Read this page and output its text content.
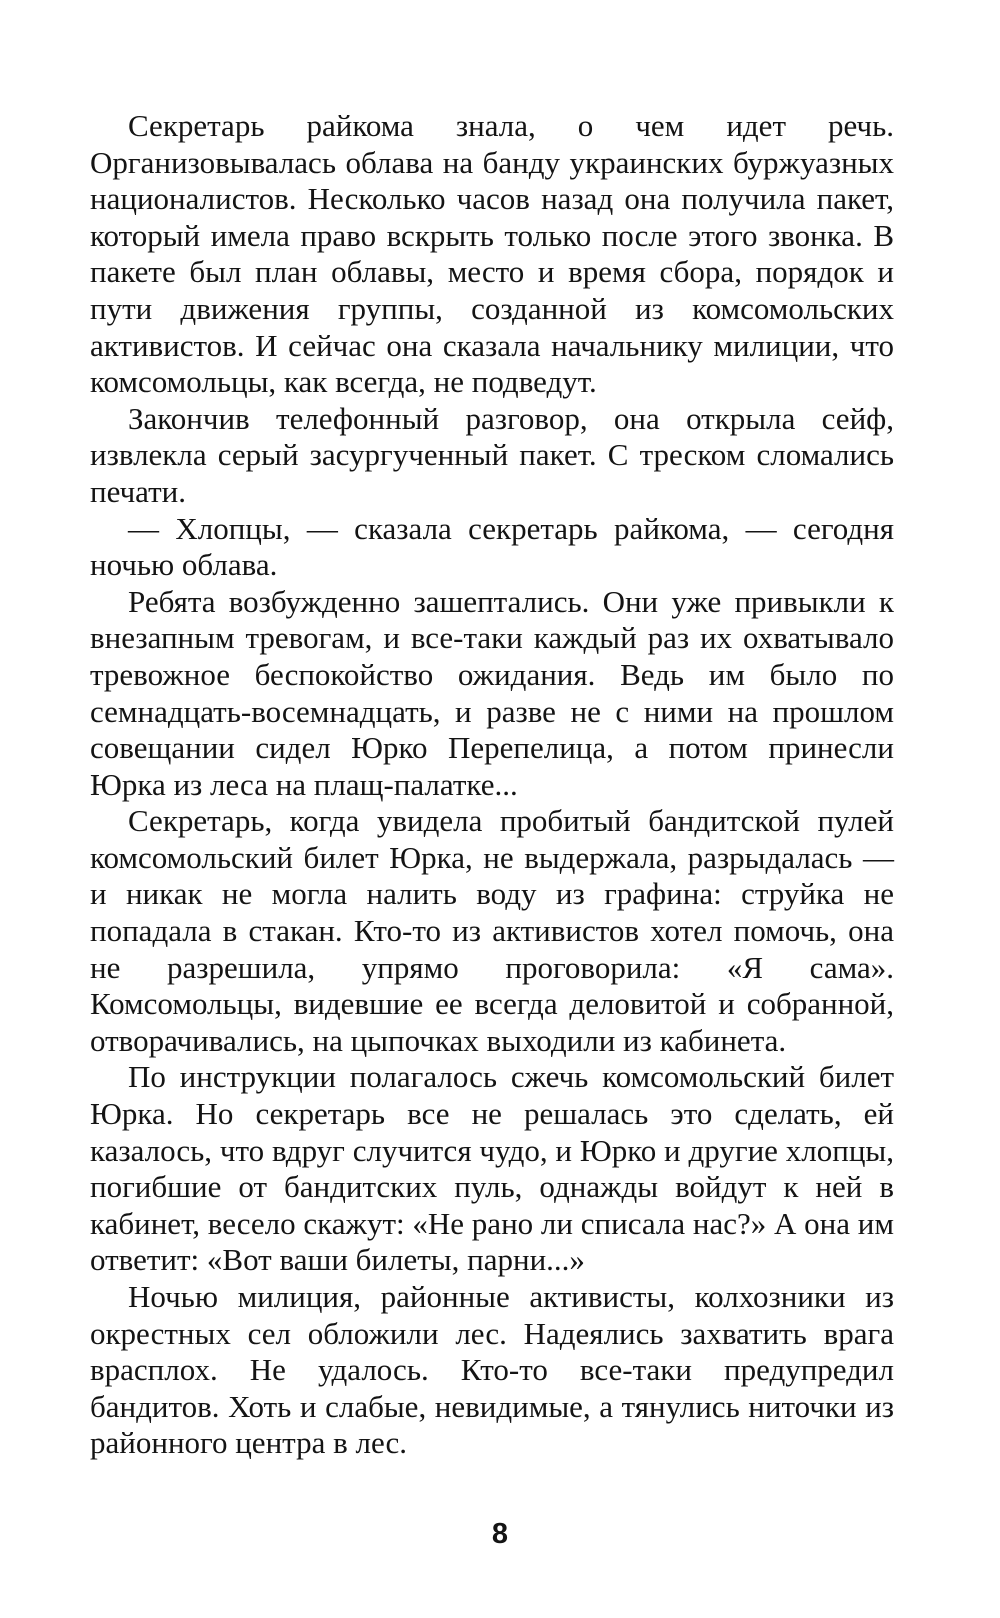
Секретарь райкома знала, о чем идет речь. Организовывалась облава на банду украинских буржуазных националистов. Несколько часов назад она получила пакет, который имела право вскрыть только после этого звонка. В пакете был план облавы, место и время сбора, порядок и пути движения группы, созданной из комсомольских активистов. И сейчас она сказала начальнику милиции, что комсомольцы, как всегда, не подведут.

Закончив телефонный разговор, она открыла сейф, извлекла серый засургученный пакет. С треском сломались печати.

— Хлопцы, — сказала секретарь райкома, — сегодня ночью облава.

Ребята возбужденно зашептались. Они уже привыкли к внезапным тревогам, и все-таки каждый раз их охватывало тревожное беспокойство ожидания. Ведь им было по семнадцать-восемнадцать, и разве не с ними на прошлом совещании сидел Юрко Перепелица, а потом принесли Юрка из леса на плащ-палатке...

Секретарь, когда увидела пробитый бандитской пулей комсомольский билет Юрка, не выдержала, разрыдалась — и никак не могла налить воду из графина: струйка не попадала в стакан. Кто-то из активистов хотел помочь, она не разрешила, упрямо проговорила: «Я сама». Комсомольцы, видевшие ее всегда деловитой и собранной, отворачивались, на цыпочках выходили из кабинета.

По инструкции полагалось сжечь комсомольский билет Юрка. Но секретарь все не решалась это сделать, ей казалось, что вдруг случится чудо, и Юрко и другие хлопцы, погибшие от бандитских пуль, однажды войдут к ней в кабинет, весело скажут: «Не рано ли списала нас?» А она им ответит: «Вот ваши билеты, парни...»

Ночью милиция, районные активисты, колхозники из окрестных сел обложили лес. Надеялись захватить врага врасплох. Не удалось. Кто-то все-таки предупредил бандитов. Хоть и слабые, невидимые, а тянулись ниточки из районного центра в лес.

8
